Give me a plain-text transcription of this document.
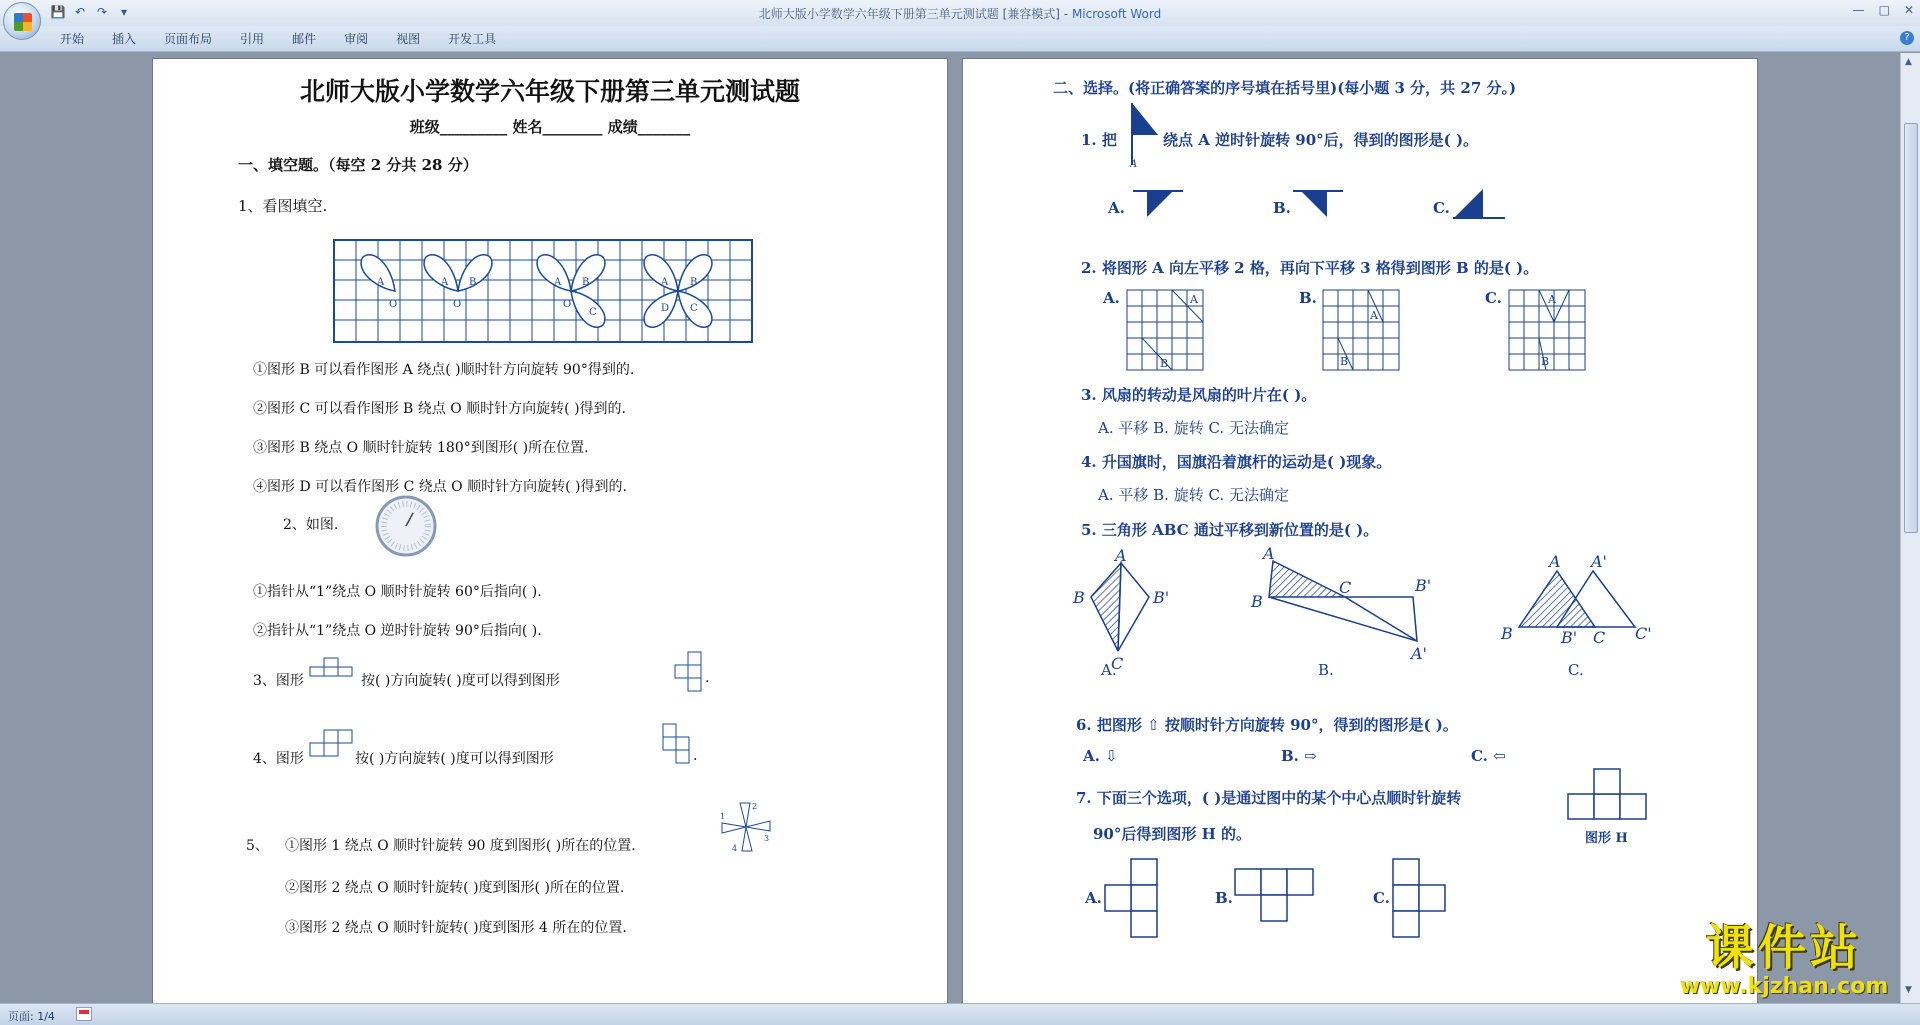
💾 ↶ ↷	▾	北师大版小学数学六年级下册第三单元测试题 [兼容模式] - Microsoft Word	— □ ✕
开始 插入 页面布局 引用 邮件 审阅 视图 开发工具	?
北师大版小学数学六年级下册第三单元测试题
班级_________ 姓名________ 成绩_______
一、填空题。（每空 2 分共 28 分）
1、看图填空.
A
O
A B
O
A B
O
C
A B
D C
①图形 B 可以看作图形 A 绕点( )顺时针方向旋转 90°得到的.
②图形 C 可以看作图形 B 绕点 O 顺时针方向旋转( )得到的.
③图形 B 绕点 O 顺时针旋转 180°到图形( )所在位置.
④图形 D 可以看作图形 C 绕点 O 顺时针方向旋转( )得到的.
2、如图.
①指针从“1”绕点 O 顺时针旋转 60°后指向( ).
②指针从“1”绕点 O 逆时针旋转 90°后指向( ).
3、图形	按( )方向旋转( )度可以得到图形	.
4、图形	按( )方向旋转( )度可以得到图形	.
5、 ①图形 1 绕点 O 顺时针旋转 90 度到图形( )所在的位置.
2
3
1
4
②图形 2 绕点 O 顺时针旋转( )度到图形( )所在的位置.
③图形 2 绕点 O 顺时针旋转( )度到图形 4 所在的位置.
二、选择。(将正确答案的序号填在括号里)(每小题 3 分，共 27 分。)
1. 把
A
绕点 A 逆时针旋转 90°后，得到的图形是( )。
A.	B.	C.
2. 将图形 A 向左平移 2 格，再向下平移 3 格得到图形 B 的是( )。
A.	A
B
B.
A
B
C.	A
B
3. 风扇的转动是风扇的叶片在( )。
A. 平移 B. 旋转 C. 无法确定
4. 升国旗时，国旗沿着旗杆的运动是( )现象。
A. 平移 B. 旋转 C. 无法确定
5. 三角形 ABC 通过平移到新位置的是( )。
A
B	B'
C
A
C	B'
B
A'
A A'
B	B' C C'
A.	B.	C.
6. 把图形 ⇧ 按顺时针方向旋转 90°，得到的图形是( )。
A. ⇩	B. ⇨	C. ⇦
7. 下面三个选项，( )是通过图中的某个中心点顺时针旋转
90°后得到图形 H 的。	图形 H
A.	B.	C.
▲
▼
课件站
www.kjzhan.com
页面: 1/4
